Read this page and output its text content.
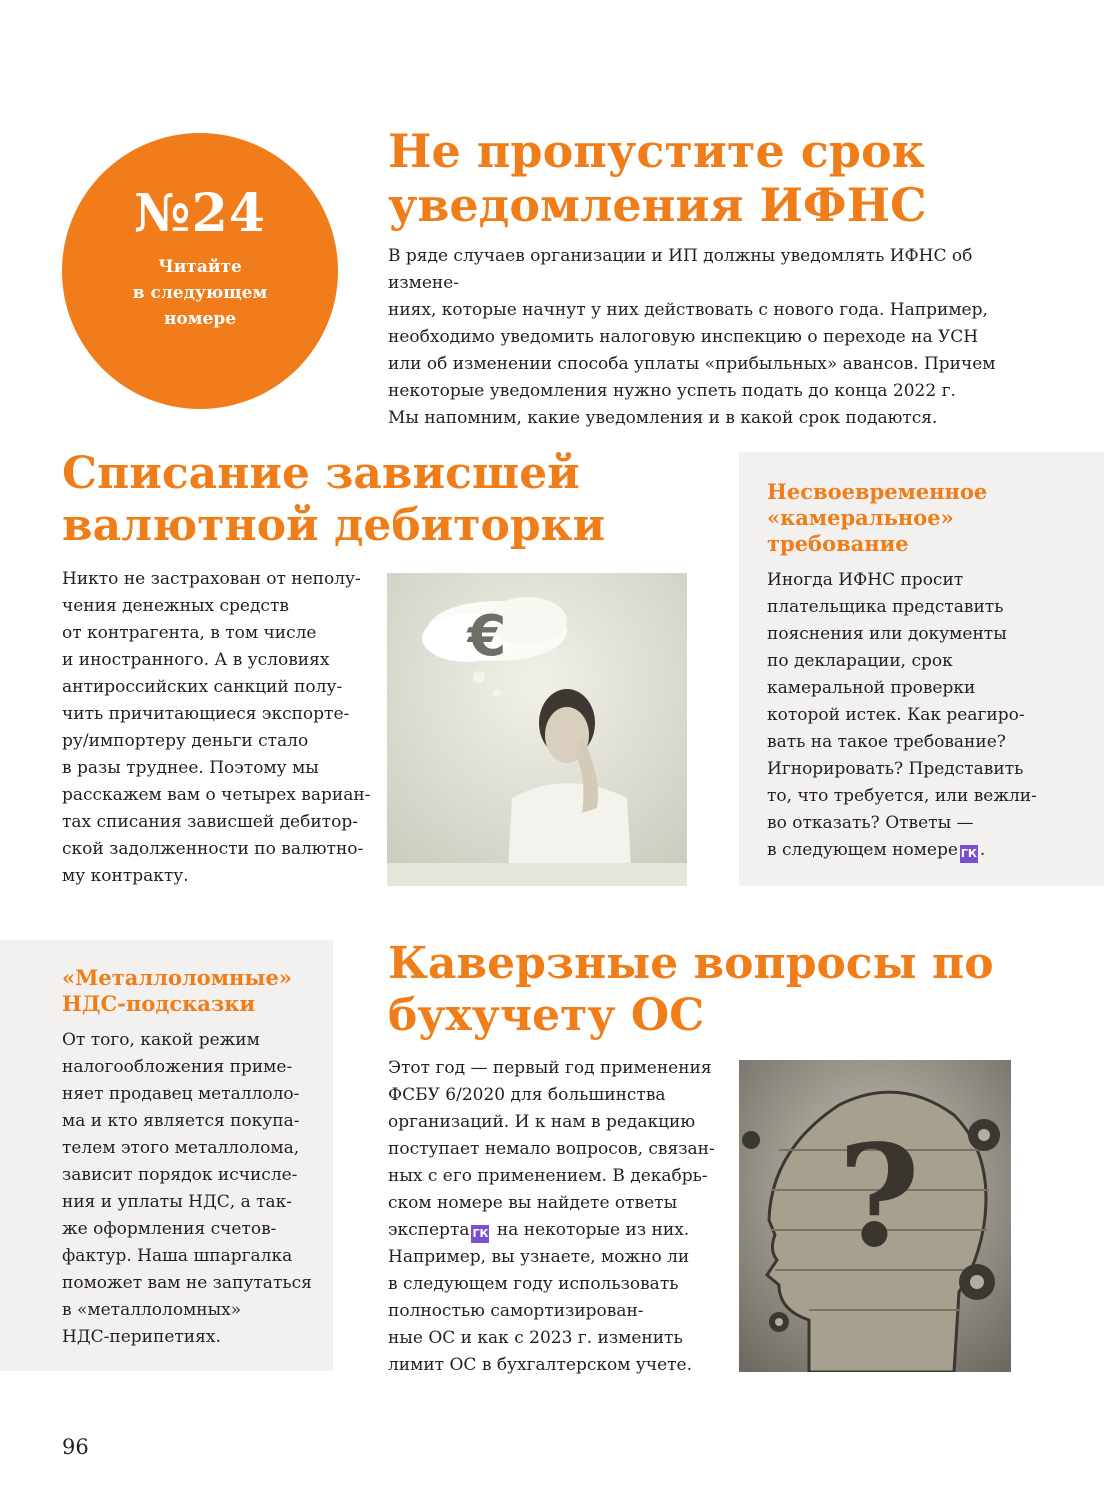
№24
Читайте
в следующем
номере
Не пропустите срок уведомления ИФНС

В ряде случаев организации и ИП должны уведомлять ИФНС об измене-
ниях, которые начнут у них действовать с нового года. Например,
необходимо уведомить налоговую инспекцию о переходе на УСН
или об изменении способа уплаты «прибыльных» авансов. Причем
некоторые уведомления нужно успеть подать до конца 2022 г.
Мы напомним, какие уведомления и в какой срок подаются.

Списание зависшей валютной дебиторки

Никто не застрахован от неполу-
чения денежных средств
от контрагента, в том числе
и иностранного. А в условиях
антироссийских санкций полу-
чить причитающиеся экспорте-
ру/импортеру деньги стало
в разы труднее. Поэтому мы
расскажем вам о четырех вариан-
тах списания зависшей дебитор-
ской задолженности по валютно-
му контракту.

€
Несвоевременное
«камеральное»
требование

Иногда ИФНС просит
плательщика представить
пояснения или документы
по декларации, срок
камеральной проверки
которой истек. Как реагиро-
вать на такое требование?
Игнорировать? Представить
то, что требуется, или вежли-
во отказать? Ответы —
в следующем номере ГК .

«Металлоломные»
НДС-подсказки

От того, какой режим
налогообложения приме-
няет продавец металлоло-
ма и кто является покупа-
телем этого металлолома,
зависит порядок исчисле-
ния и уплаты НДС, а так-
же оформления счетов-
фактур. Наша шпаргалка
поможет вам не запутаться
в «металлоломных»
НДС-перипетиях.

Каверзные вопросы по бухучету ОС

Этот год — первый год применения
ФСБУ 6/2020 для большинства
организаций. И к нам в редакцию
поступает немало вопросов, связан-
ных с его применением. В декабрь-
ском номере вы найдете ответы
эксперта ГК на некоторые из них.
Например, вы узнаете, можно ли
в следующем году использовать
полностью самортизирован-
ные ОС и как с 2023 г. изменить
лимит ОС в бухгалтерском учете.

?
96
